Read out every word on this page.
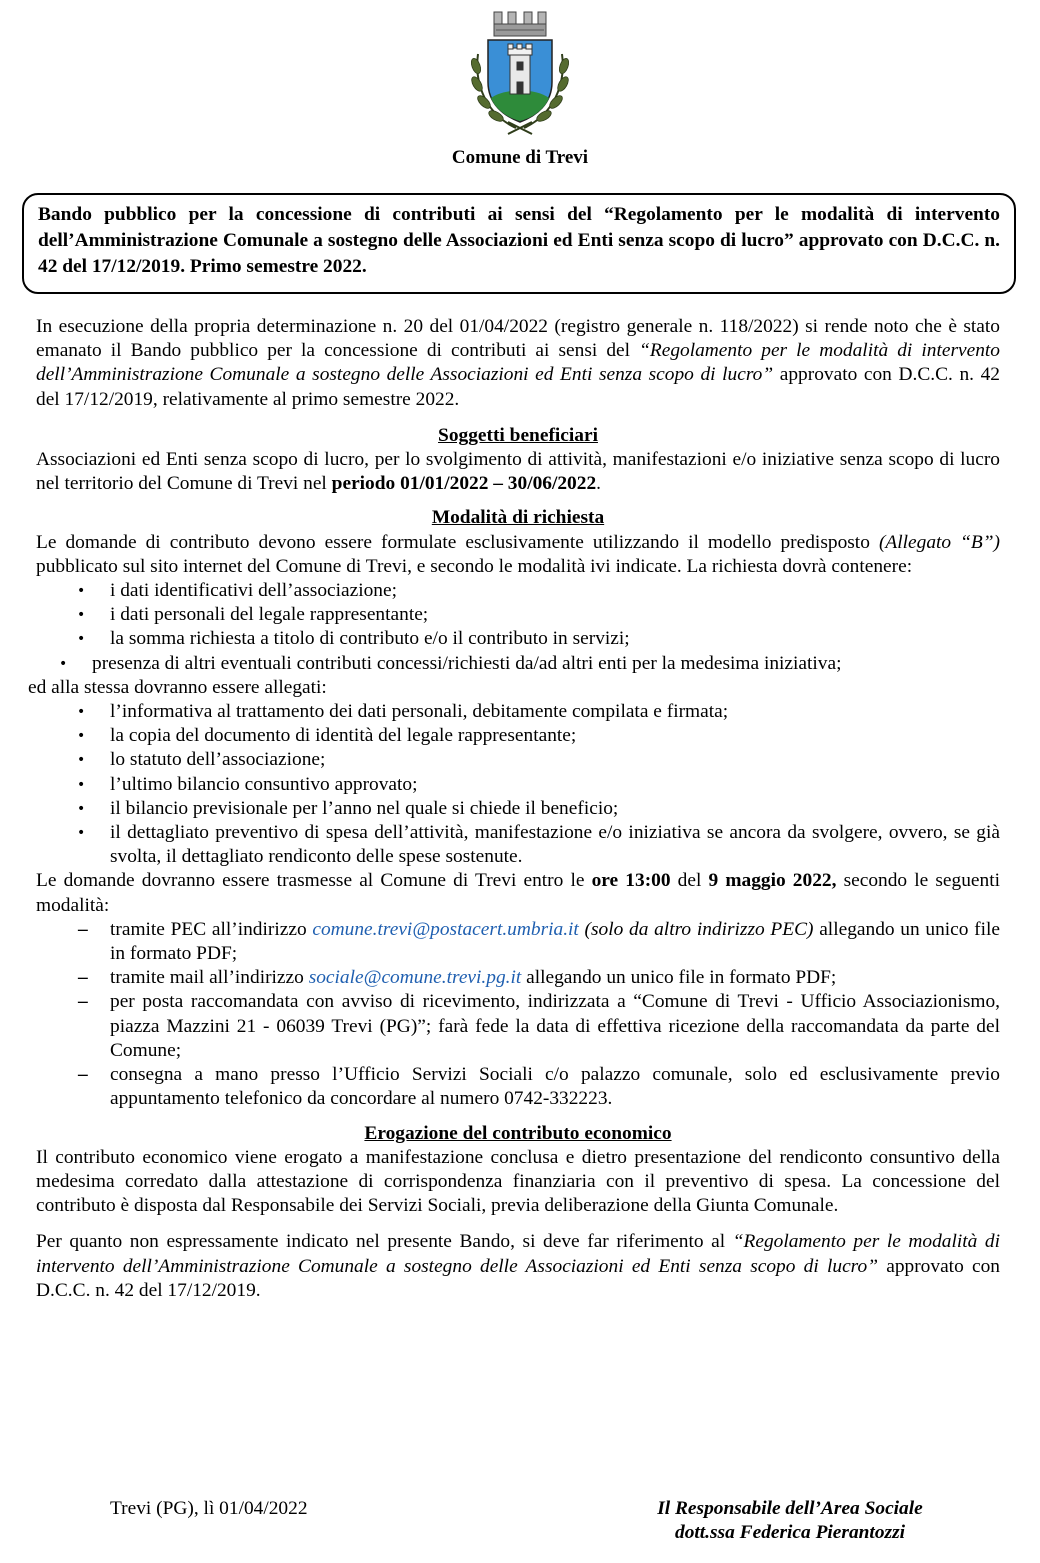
Comune di Trevi

Bando pubblico per la concessione di contributi ai sensi del “Regolamento per le modalità di intervento dell’Amministrazione Comunale a sostegno delle Associazioni ed Enti senza scopo di lucro” approvato con D.C.C. n. 42 del 17/12/2019. Primo semestre 2022.

In esecuzione della propria determinazione n. 20 del 01/04/2022 (registro generale n. 118/2022) si rende noto che è stato emanato il Bando pubblico per la concessione di contributi ai sensi del “Regolamento per le modalità di intervento dell’Amministrazione Comunale a sostegno delle Associazioni ed Enti senza scopo di lucro” approvato con D.C.C. n. 42 del 17/12/2019, relativamente al primo semestre 2022.

Soggetti beneficiari

Associazioni ed Enti senza scopo di lucro, per lo svolgimento di attività, manifestazioni e/o iniziative senza scopo di lucro nel territorio del Comune di Trevi nel periodo 01/01/2022 – 30/06/2022.

Modalità di richiesta

Le domande di contributo devono essere formulate esclusivamente utilizzando il modello predisposto (Allegato “B”) pubblicato sul sito internet del Comune di Trevi, e secondo le modalità ivi indicate. La richiesta dovrà contenere:

• i dati identificativi dell’associazione;
• i dati personali del legale rappresentante;
• la somma richiesta a titolo di contributo e/o il contributo in servizi;
• presenza di altri eventuali contributi concessi/richiesti da/ad altri enti per la medesima iniziativa;

ed alla stessa dovranno essere allegati:

• l’informativa al trattamento dei dati personali, debitamente compilata e firmata;
• la copia del documento di identità del legale rappresentante;
• lo statuto dell’associazione;
• l’ultimo bilancio consuntivo approvato;
• il bilancio previsionale per l’anno nel quale si chiede il beneficio;
• il dettagliato preventivo di spesa dell’attività, manifestazione e/o iniziativa se ancora da svolgere, ovvero, se già svolta, il dettagliato rendiconto delle spese sostenute.

Le domande dovranno essere trasmesse al Comune di Trevi entro le ore 13:00 del 9 maggio 2022, secondo le seguenti modalità:

– tramite PEC all’indirizzo comune.trevi@postacert.umbria.it (solo da altro indirizzo PEC) allegando un unico file in formato PDF;
– tramite mail all’indirizzo sociale@comune.trevi.pg.it allegando un unico file in formato PDF;
– per posta raccomandata con avviso di ricevimento, indirizzata a “Comune di Trevi - Ufficio Associazionismo, piazza Mazzini 21 - 06039 Trevi (PG)”; farà fede la data di effettiva ricezione della raccomandata da parte del Comune;
– consegna a mano presso l’Ufficio Servizi Sociali c/o palazzo comunale, solo ed esclusivamente previo appuntamento telefonico da concordare al numero 0742-332223.

Erogazione del contributo economico

Il contributo economico viene erogato a manifestazione conclusa e dietro presentazione del rendiconto consuntivo della medesima corredato dalla attestazione di corrispondenza finanziaria con il preventivo di spesa. La concessione del contributo è disposta dal Responsabile dei Servizi Sociali, previa deliberazione della Giunta Comunale.

Per quanto non espressamente indicato nel presente Bando, si deve far riferimento al “Regolamento per le modalità di intervento dell’Amministrazione Comunale a sostegno delle Associazioni ed Enti senza scopo di lucro” approvato con D.C.C. n. 42 del 17/12/2019.

Trevi (PG), lì 01/04/2022	Il Responsabile dell’Area Sociale
dott.ssa Federica Pierantozzi
